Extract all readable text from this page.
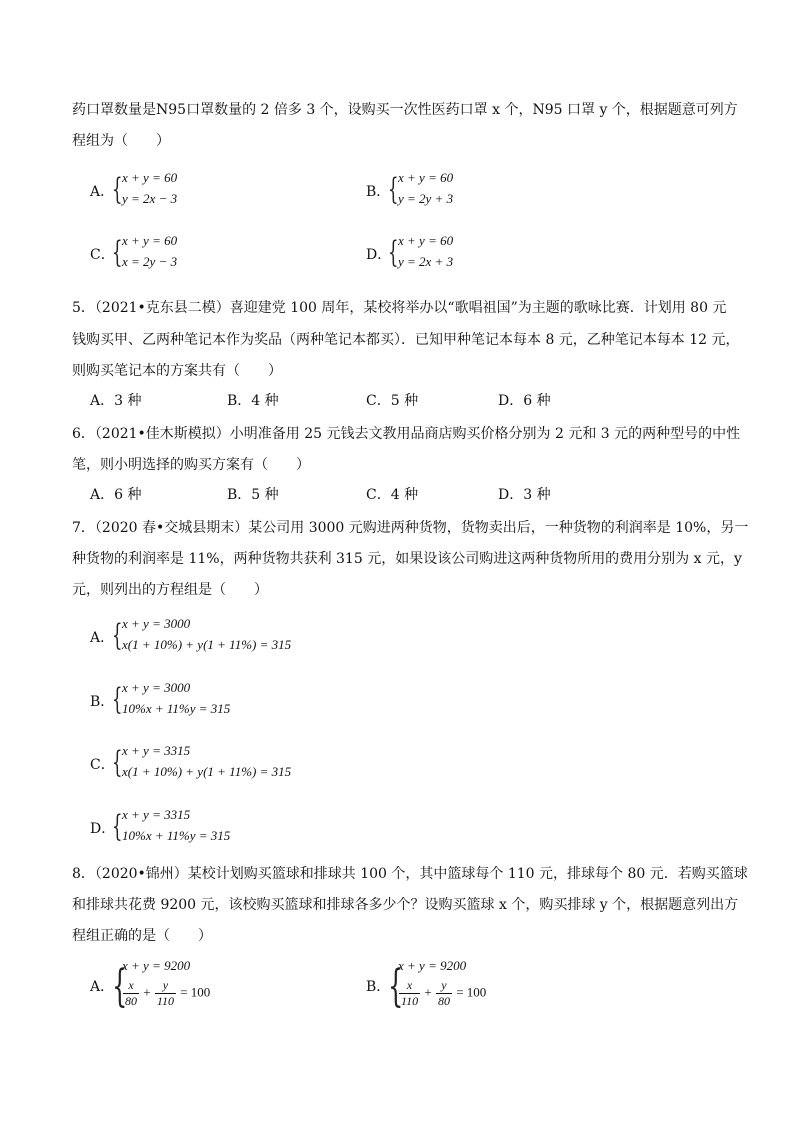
药口罩数量是N95口罩数量的 2 倍多 3 个，设购买一次性医药口罩 x 个，N95 口罩 y 个，根据题意可列方
程组为（　　）
A．
{ x + y = 60
y = 2x − 3	B．
{ x + y = 60
y = 2y + 3
C．
{ x + y = 60
x = 2y − 3	D．
{ x + y = 60
y = 2x + 3
5．（2021•克东县二模）喜迎建党 100 周年，某校将举办以“歌唱祖国”为主题的歌咏比赛．计划用 80 元
钱购买甲、乙两种笔记本作为奖品（两种笔记本都买）．已知甲种笔记本每本 8 元，乙种笔记本每本 12 元，
则购买笔记本的方案共有（　　）
A．3 种	B．4 种	C．5 种	D．6 种
6．（2021•佳木斯模拟）小明准备用 25 元钱去文教用品商店购买价格分别为 2 元和 3 元的两种型号的中性
笔，则小明选择的购买方案有（　　）
A．6 种	B．5 种	C．4 种	D．3 种
7．（2020 春•交城县期末）某公司用 3000 元购进两种货物，货物卖出后，一种货物的利润率是 10%，另一
种货物的利润率是 11%，两种货物共获利 315 元，如果设该公司购进这两种货物所用的费用分别为 x 元，y
元，则列出的方程组是（　　）
A．
{ x + y = 3000
x(1 + 10%) + y(1 + 11%) = 315
B．
{ x + y = 3000
10%x + 11%y = 315
C．
{ x + y = 3315
x(1 + 10%) + y(1 + 11%) = 315
D．
{ x + y = 3315
10%x + 11%y = 315
8．（2020•锦州）某校计划购买篮球和排球共 100 个，其中篮球每个 110 元，排球每个 80 元．若购买篮球
和排球共花费 9200 元，该校购买篮球和排球各多少个？设购买篮球 x 个，购买排球 y 个，根据题意列出方
程组正确的是（　　）
A．
{
x + y = 9200
$\frac{x}{80} + \frac{y}{110} = 100$	B．
{
x + y = 9200
$\frac{x}{110} + \frac{y}{80} = 100$
